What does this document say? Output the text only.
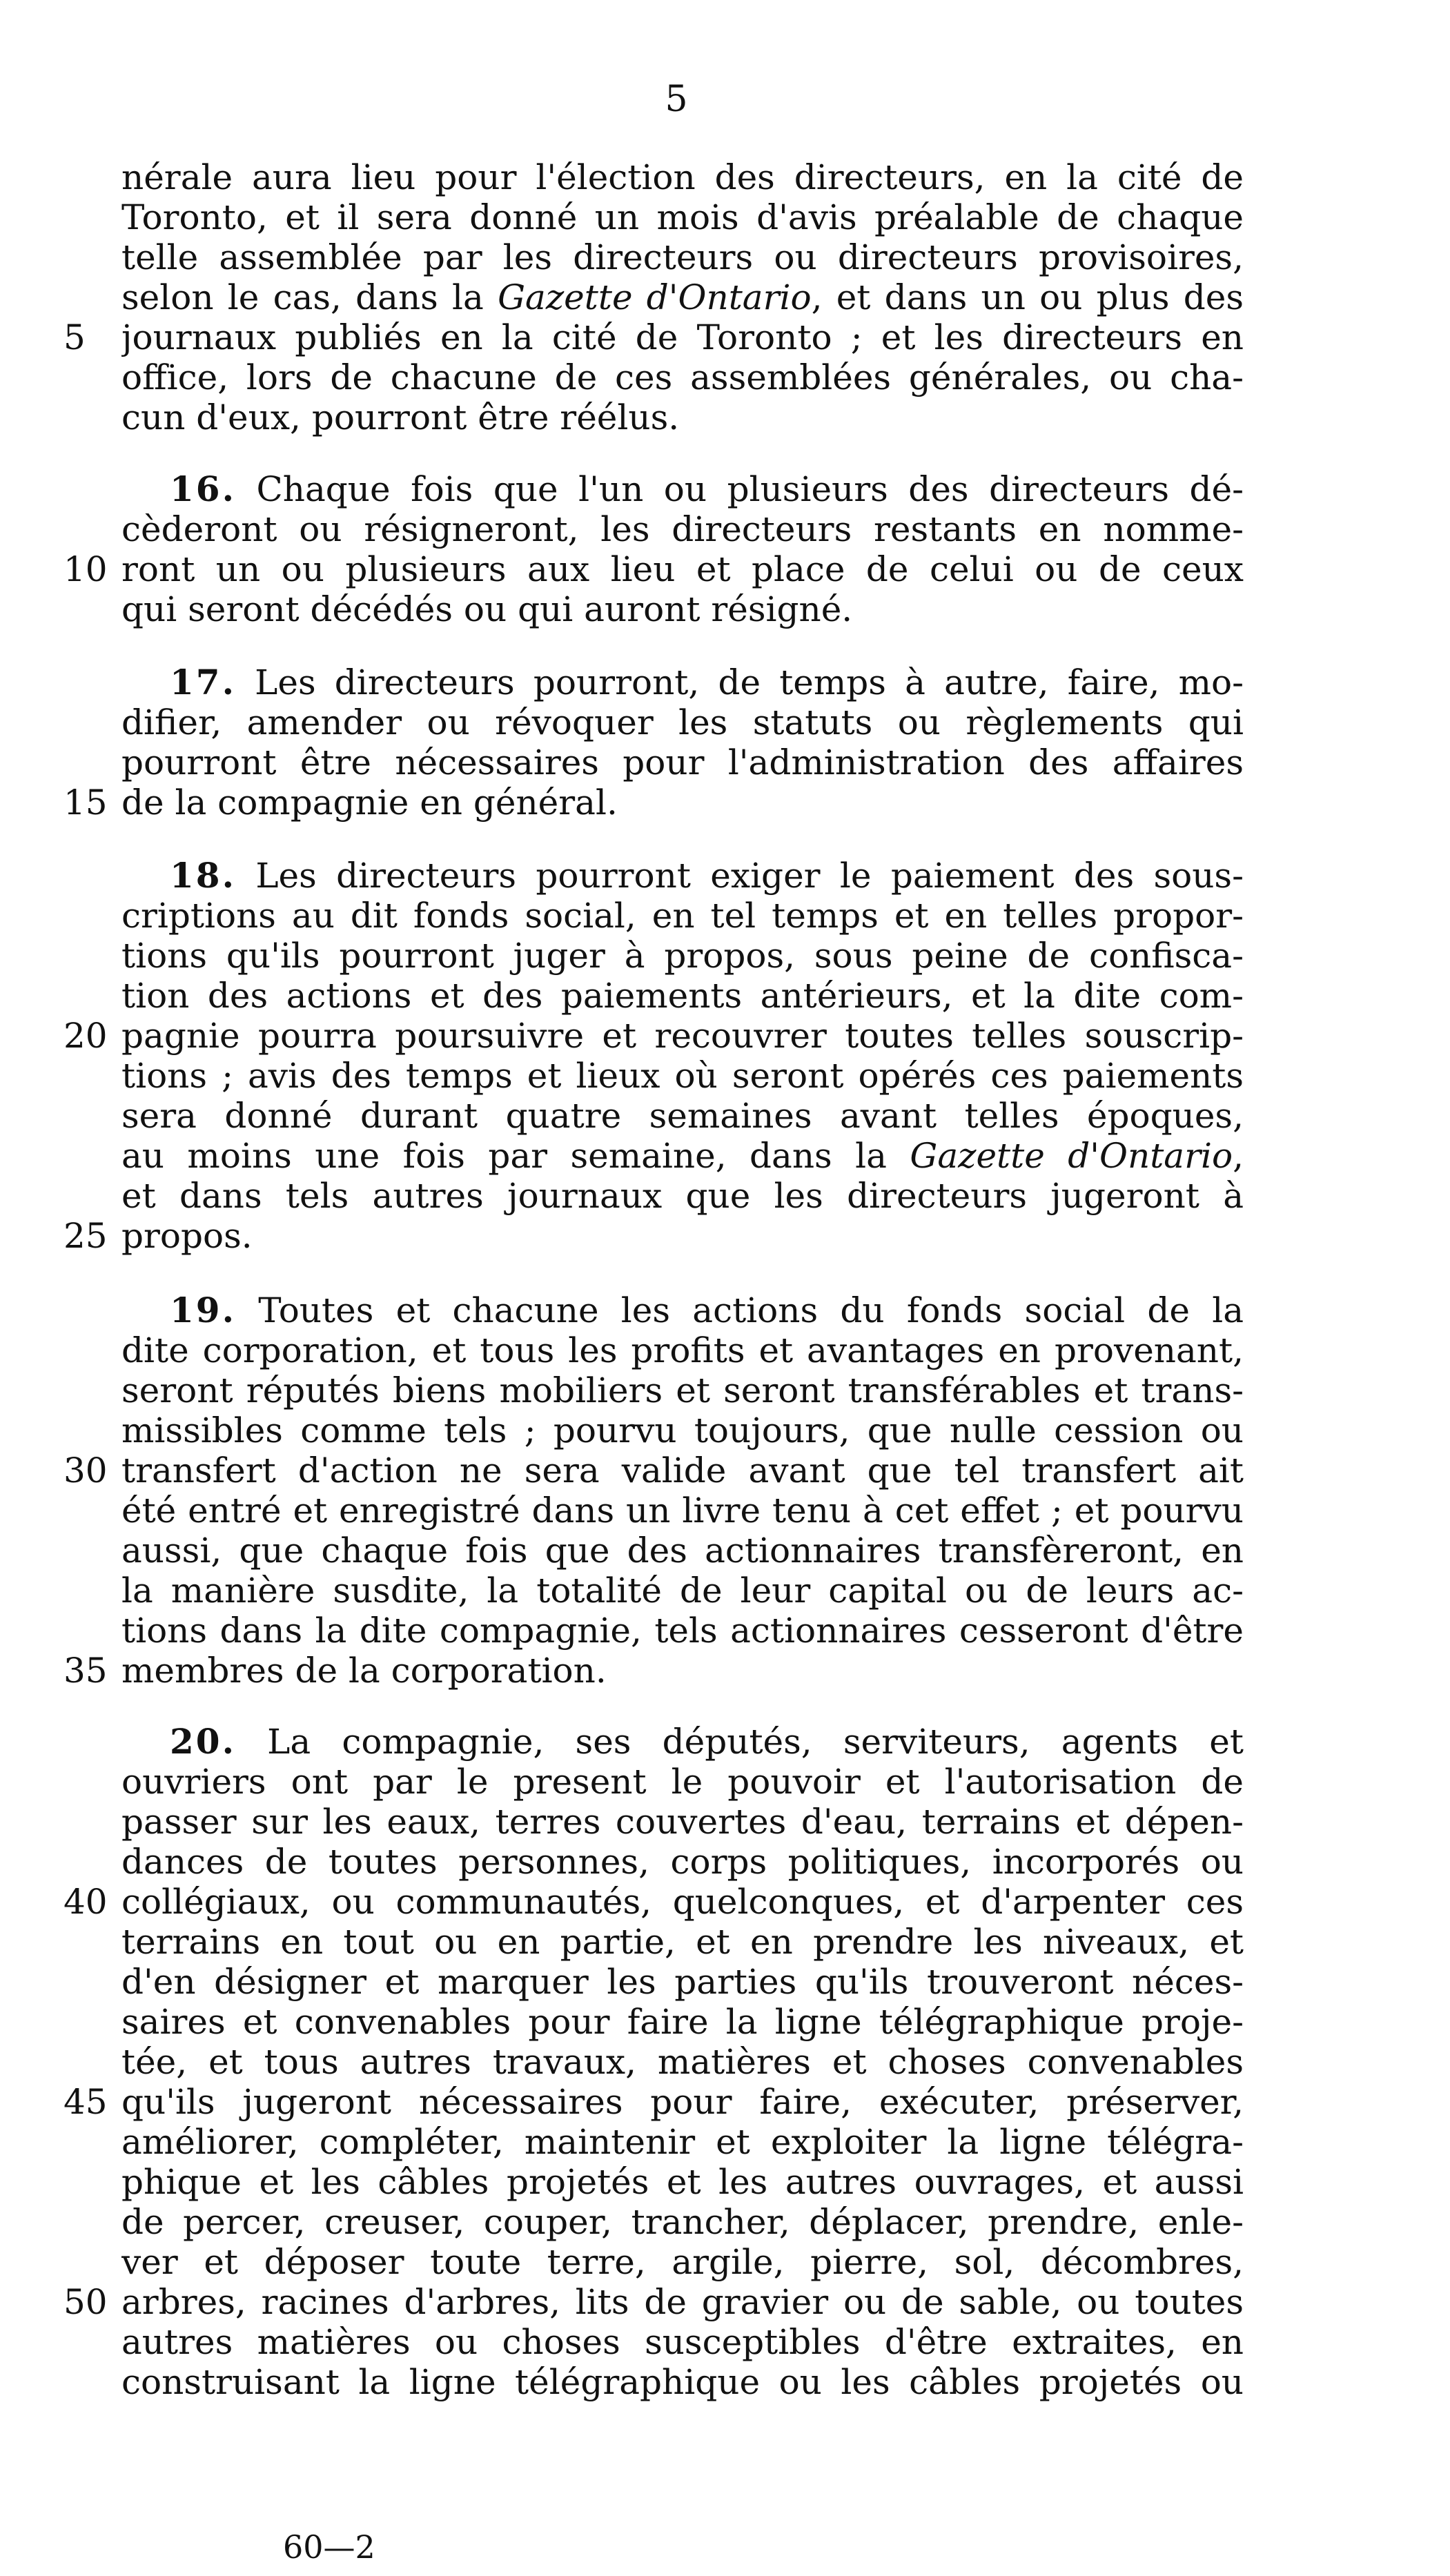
5
nérale aura lieu pour l'élection des directeurs, en la cité de
Toronto, et il sera donné un mois d'avis préalable de chaque
telle assemblée par les directeurs ou directeurs provisoires,
selon le cas, dans la Gazette d'Ontario, et dans un ou plus des
5	journaux publiés en la cité de Toronto ; et les directeurs en
office, lors de chacune de ces assemblées générales, ou cha-
cun d'eux, pourront être réélus.
16. Chaque fois que l'un ou plusieurs des directeurs dé-
cèderont ou résigneront, les directeurs restants en nomme-
10 ront un ou plusieurs aux lieu et place de celui ou de ceux
qui seront décédés ou qui auront résigné.
17. Les directeurs pourront, de temps à autre, faire, mo-
difier, amender ou révoquer les statuts ou règlements qui
pourront être nécessaires pour l'administration des affaires
15 de la compagnie en général.
18. Les directeurs pourront exiger le paiement des sous-
criptions au dit fonds social, en tel temps et en telles propor-
tions qu'ils pourront juger à propos, sous peine de confisca-
tion des actions et des paiements antérieurs, et la dite com-
20 pagnie pourra poursuivre et recouvrer toutes telles souscrip-
tions ; avis des temps et lieux où seront opérés ces paiements
sera donné durant quatre semaines avant telles époques,
au moins une fois par semaine, dans la Gazette d'Ontario,
et dans tels autres journaux que les directeurs jugeront à
25 propos.
19. Toutes et chacune les actions du fonds social de la
dite corporation, et tous les profits et avantages en provenant,
seront réputés biens mobiliers et seront transférables et trans-
missibles comme tels ; pourvu toujours, que nulle cession ou
30 transfert d'action ne sera valide avant que tel transfert ait
été entré et enregistré dans un livre tenu à cet effet ; et pourvu
aussi, que chaque fois que des actionnaires transfèreront, en
la manière susdite, la totalité de leur capital ou de leurs ac-
tions dans la dite compagnie, tels actionnaires cesseront d'être
35 membres de la corporation.
20. La compagnie, ses députés, serviteurs, agents et
ouvriers ont par le present le pouvoir et l'autorisation de
passer sur les eaux, terres couvertes d'eau, terrains et dépen-
dances de toutes personnes, corps politiques, incorporés ou
40 collégiaux, ou communautés, quelconques, et d'arpenter ces
terrains en tout ou en partie, et en prendre les niveaux, et
d'en désigner et marquer les parties qu'ils trouveront néces-
saires et convenables pour faire la ligne télégraphique proje-
tée, et tous autres travaux, matières et choses convenables
45 qu'ils jugeront nécessaires pour faire, exécuter, préserver,
améliorer, compléter, maintenir et exploiter la ligne télégra-
phique et les câbles projetés et les autres ouvrages, et aussi
de percer, creuser, couper, trancher, déplacer, prendre, enle-
ver et déposer toute terre, argile, pierre, sol, décombres,
50 arbres, racines d'arbres, lits de gravier ou de sable, ou toutes
autres matières ou choses susceptibles d'être extraites, en
construisant la ligne télégraphique ou les câbles projetés ou
60—2
